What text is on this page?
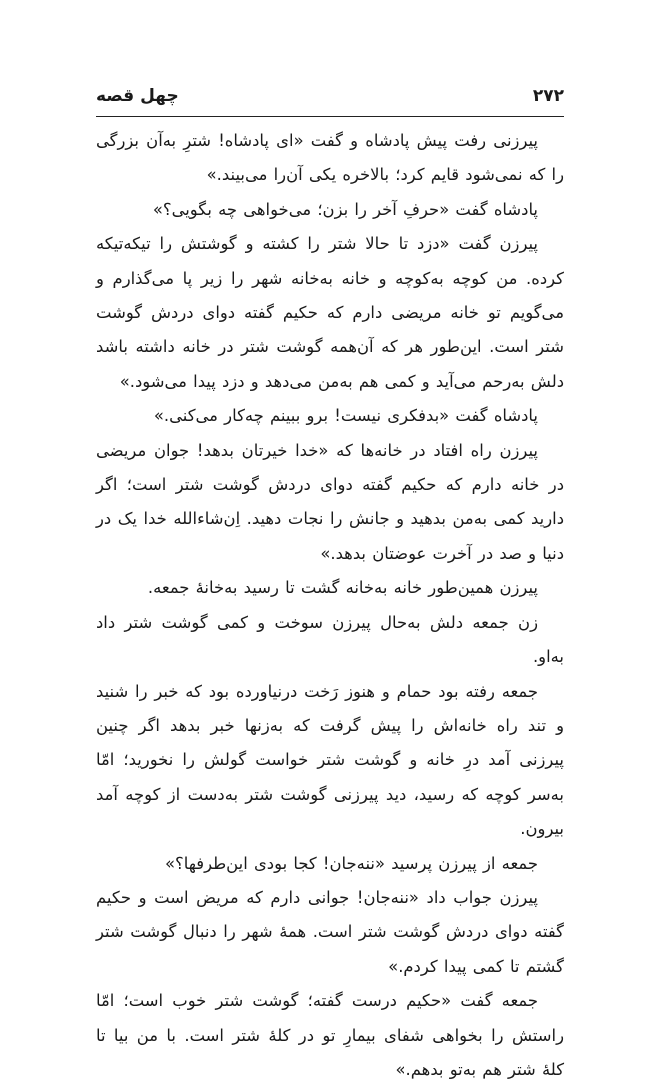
۲۷۲
چهل قصه

پیرزنی رفت پیش پادشاه و گفت «ای پادشاه! شترِ به‌آن بزرگی را که نمی‌شود قایم کرد؛ بالاخره یکی آن‌را می‌بیند.»

پادشاه گفت «حرفِ آخر را بزن؛ می‌خواهی چه بگویی؟»

پیرزن گفت «دزد تا حالا شتر را کشته و گوشتش را تیکه‌تیکه کرده. من کوچه به‌کوچه و خانه به‌خانه شهر را زیر پا می‌گذارم و می‌گویم تو خانه مریضی دارم که حکیم گفته دوای دردش گوشت شتر است. این‌طور هر که آن‌همه گوشت شتر در خانه داشته باشد دلش به‌رحم می‌آید و کمی هم به‌من می‌دهد و دزد پیدا می‌شود.»

پادشاه گفت «بدفکری نیست! برو ببینم چه‌کار می‌کنی.»

پیرزن راه افتاد در خانه‌ها که «خدا خیرتان بدهد! جوان مریضی در خانه دارم که حکیم گفته دوای دردش گوشت شتر است؛ اگر دارید کمی به‌من بدهید و جانش را نجات دهید. اِن‌شاءالله خدا یک در دنیا و صد در آخرت عوضتان بدهد.»

پیرزن همین‌طور خانه به‌خانه گشت تا رسید به‌خانهٔ جمعه.

زن جمعه دلش به‌حال پیرزن سوخت و کمی گوشت شتر داد به‌او.

جمعه رفته بود حمام و هنوز رَخت درنیاورده بود که خبر را شنید و تند راه خانه‌اش را پیش گرفت که به‌زنها خبر بدهد اگر چنین پیرزنی آمد درِ خانه و گوشت شتر خواست گولش را نخورید؛ امّا به‌سر کوچه که رسید، دید پیرزنی گوشت شتر به‌دست از کوچه آمد بیرون.

جمعه از پیرزن پرسید «ننه‌جان! کجا بودی این‌طرفها؟»

پیرزن جواب داد «ننه‌جان! جوانی دارم که مریض است و حکیم گفته دوای دردش گوشت شتر است. همهٔ شهر را دنبال گوشت شتر گشتم تا کمی پیدا کردم.»

جمعه گفت «حکیم درست گفته؛ گوشت شتر خوب است؛ امّا راستش را بخواهی شفای بیمارِ تو در کلهٔ شتر است. با من بیا تا کلهٔ شتر هم به‌تو بدهم.»
